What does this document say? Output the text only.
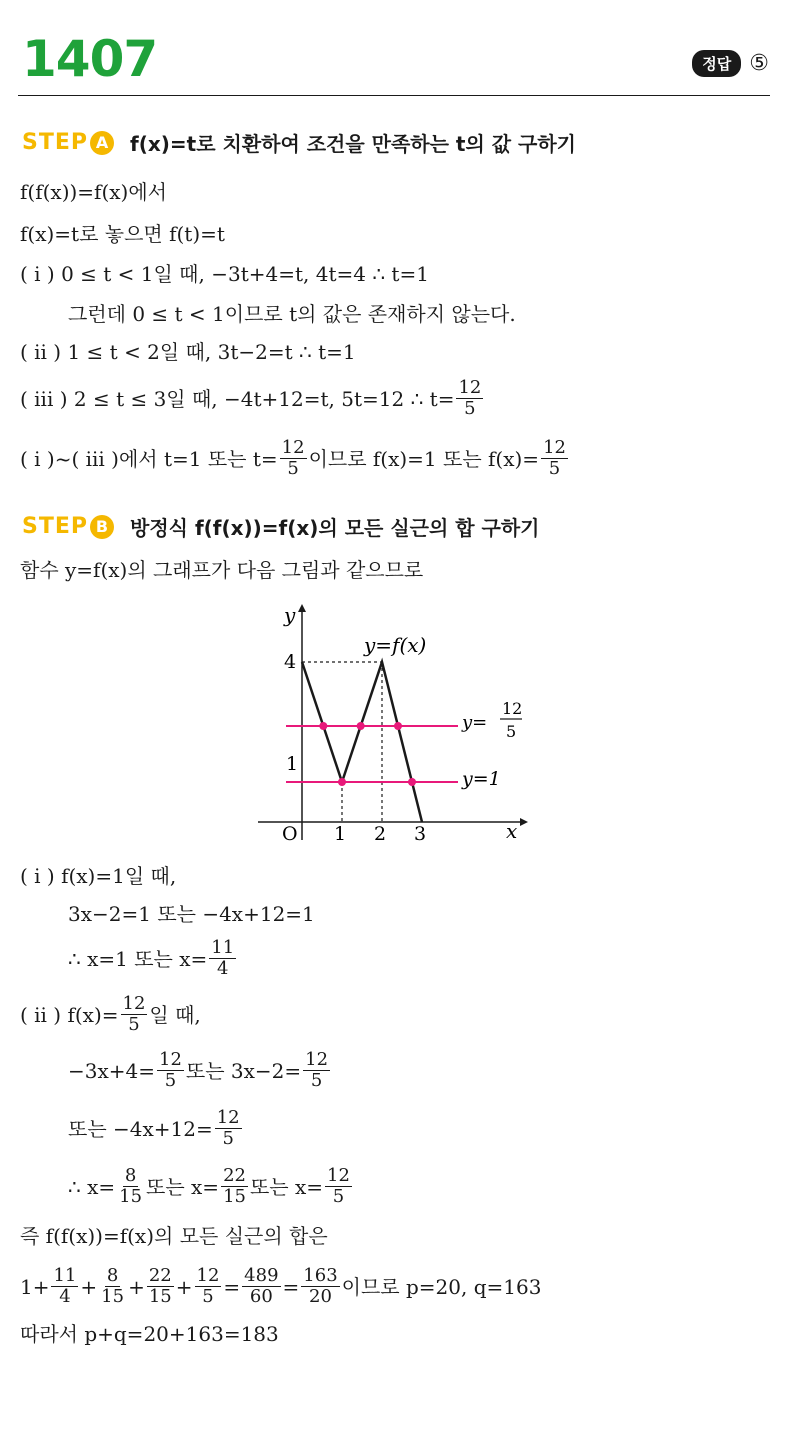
1407	정답 ⑤
STEP A f(x)=t로 치환하여 조건을 만족하는 t의 값 구하기
f(f(x))=f(x)에서
f(x)=t로 놓으면 f(t)=t
( i ) 0 ≤ t < 1일 때, −3t+4=t, 4t=4 ∴ t=1
그런데 0 ≤ t < 1이므로 t의 값은 존재하지 않는다.
( ii ) 1 ≤ t < 2일 때, 3t−2=t ∴ t=1
( iii ) 2 ≤ t ≤ 3일 때, −4t+12=t, 5t=12 ∴ $t= \frac{12}{5}$
( i )~( iii )에서 t=1 또는 $t= \frac{12}{5}$ 이므로 f(x)=1 또는 $f(x)= \frac{12}{5}$
STEP B 방정식 f(f(x))=f(x)의 모든 실근의 합 구하기
함수 y=f(x)의 그래프가 다음 그림과 같으므로
y
x
O 1 2 3
1
4
y=f(x)
y=
12
5
y=1
( i ) f(x)=1일 때,
3x−2=1 또는 −4x+12=1
∴ x=1 또는 $x= \frac{11}{4}$
( ii ) $f(x)= \frac{12}{5}$ 일 때,
$-3x+4= \frac{12}{5}$ 또는 $3x-2= \frac{12}{5}$
또는 $-4x+12= \frac{12}{5}$
∴ $x= \frac{8}{15}$ 또는 $x= \frac{22}{15}$ 또는 $x= \frac{12}{5}$
즉 f(f(x))=f(x)의 모든 실근의 합은
$1+ \frac{11}{4} + \frac{8}{15} + \frac{22}{15} + \frac{12}{5} = \frac{489}{60} = \frac{163}{20}$ 이므로 p=20, q=163
따라서 p+q=20+163=183
